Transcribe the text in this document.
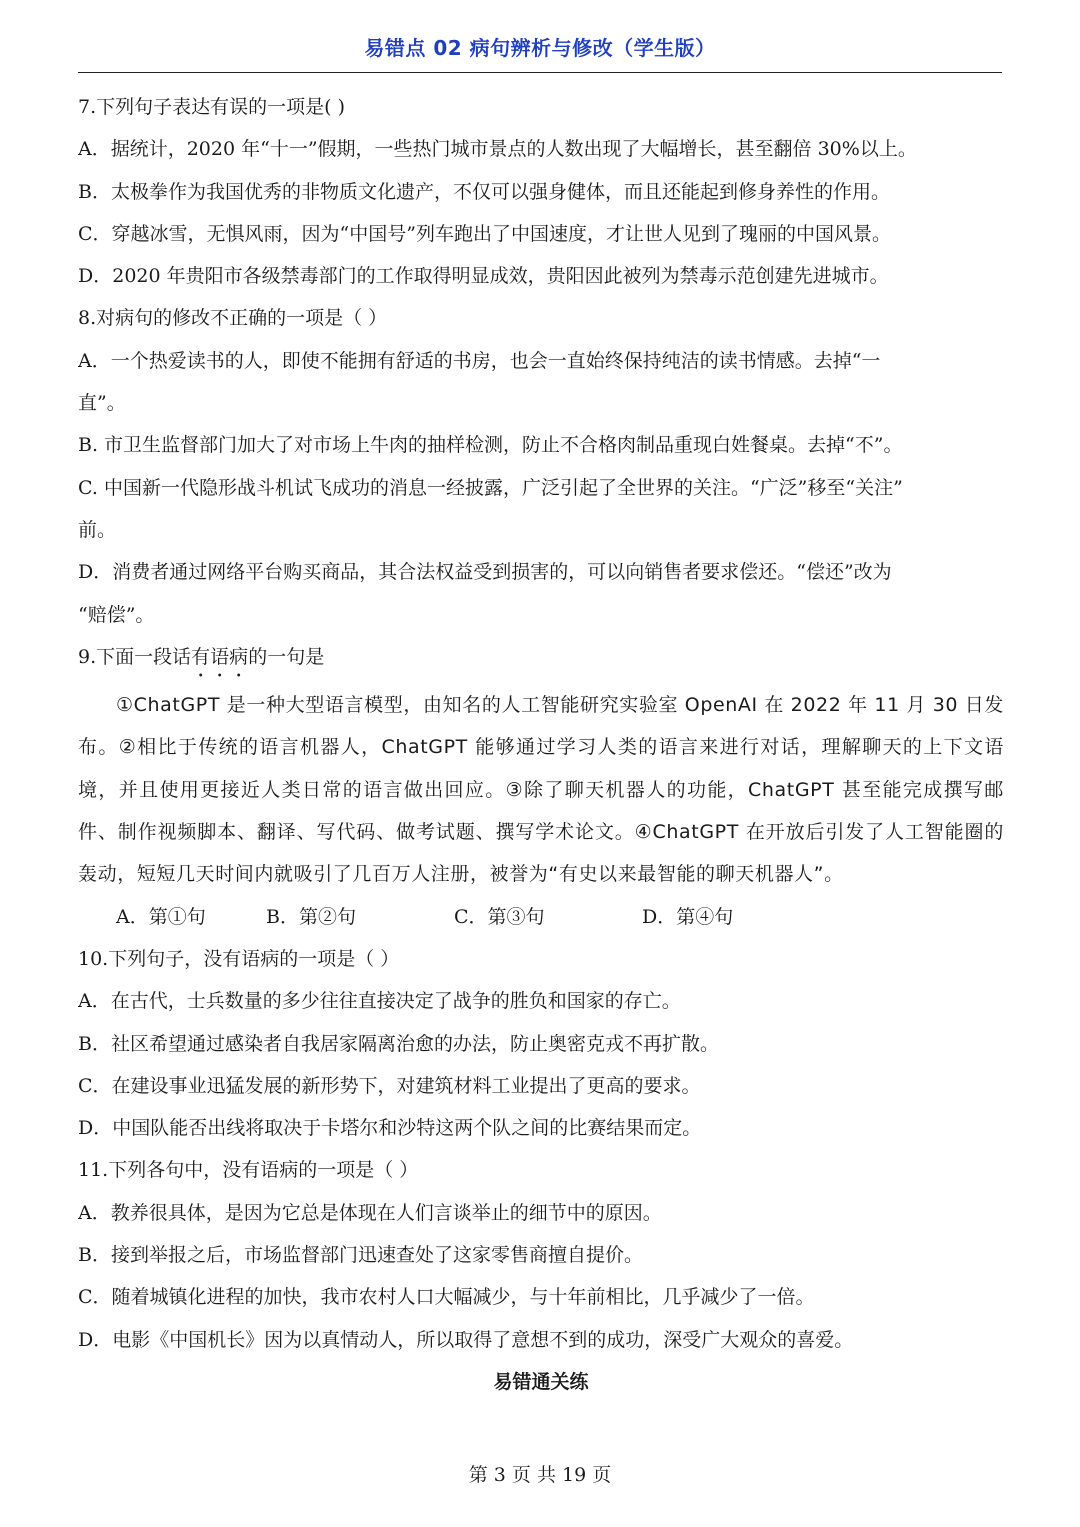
易错点 02 病句辨析与修改（学生版）
7.下列句子表达有误的一项是( )
A．据统计，2020 年“十一”假期，一些热门城市景点的人数出现了大幅增长，甚至翻倍 30%以上。
B．太极拳作为我国优秀的非物质文化遗产，不仅可以强身健体，而且还能起到修身养性的作用。
C．穿越冰雪，无惧风雨，因为“中国号”列车跑出了中国速度，才让世人见到了瑰丽的中国风景。
D．2020 年贵阳市各级禁毒部门的工作取得明显成效，贵阳因此被列为禁毒示范创建先进城市。
8.对病句的修改不正确的一项是（ ）
A．一个热爱读书的人，即使不能拥有舒适的书房，也会一直始终保持纯洁的读书情感。去掉“一
直”。
B. 市卫生监督部门加大了对市场上牛肉的抽样检测，防止不合格肉制品重现白姓餐桌。去掉“不”。
C. 中国新一代隐形战斗机试飞成功的消息一经披露，广泛引起了全世界的关注。“广泛”移至“关注”
前。
D．消费者通过网络平台购买商品，其合法权益受到损害的，可以向销售者要求偿还。“偿还”改为
“赔偿”。
9.下面一段话有语病的一句是
①ChatGPT 是一种大型语言模型，由知名的人工智能研究实验室 OpenAI 在 2022 年 11 月 30 日发布。②相比于传统的语言机器人，ChatGPT 能够通过学习人类的语言来进行对话，理解聊天的上下文语境，并且使用更接近人类日常的语言做出回应。③除了聊天机器人的功能，ChatGPT 甚至能完成撰写邮件、制作视频脚本、翻译、写代码、做考试题、撰写学术论文。④ChatGPT 在开放后引发了人工智能圈的轰动，短短几天时间内就吸引了几百万人注册，被誉为“有史以来最智能的聊天机器人”。
A．第①句	B．第②句	C．第③句	D．第④句
10.下列句子，没有语病的一项是（ ）
A．在古代，士兵数量的多少往往直接决定了战争的胜负和国家的存亡。
B．社区希望通过感染者自我居家隔离治愈的办法，防止奥密克戎不再扩散。
C．在建设事业迅猛发展的新形势下，对建筑材料工业提出了更高的要求。
D．中国队能否出线将取决于卡塔尔和沙特这两个队之间的比赛结果而定。
11.下列各句中，没有语病的一项是（ ）
A．教养很具体，是因为它总是体现在人们言谈举止的细节中的原因。
B．接到举报之后，市场监督部门迅速查处了这家零售商擅自提价。
C．随着城镇化进程的加快，我市农村人口大幅减少，与十年前相比，几乎减少了一倍。
D．电影《中国机长》因为以真情动人，所以取得了意想不到的成功，深受广大观众的喜爱。
易错通关练
第 3 页 共 19 页
